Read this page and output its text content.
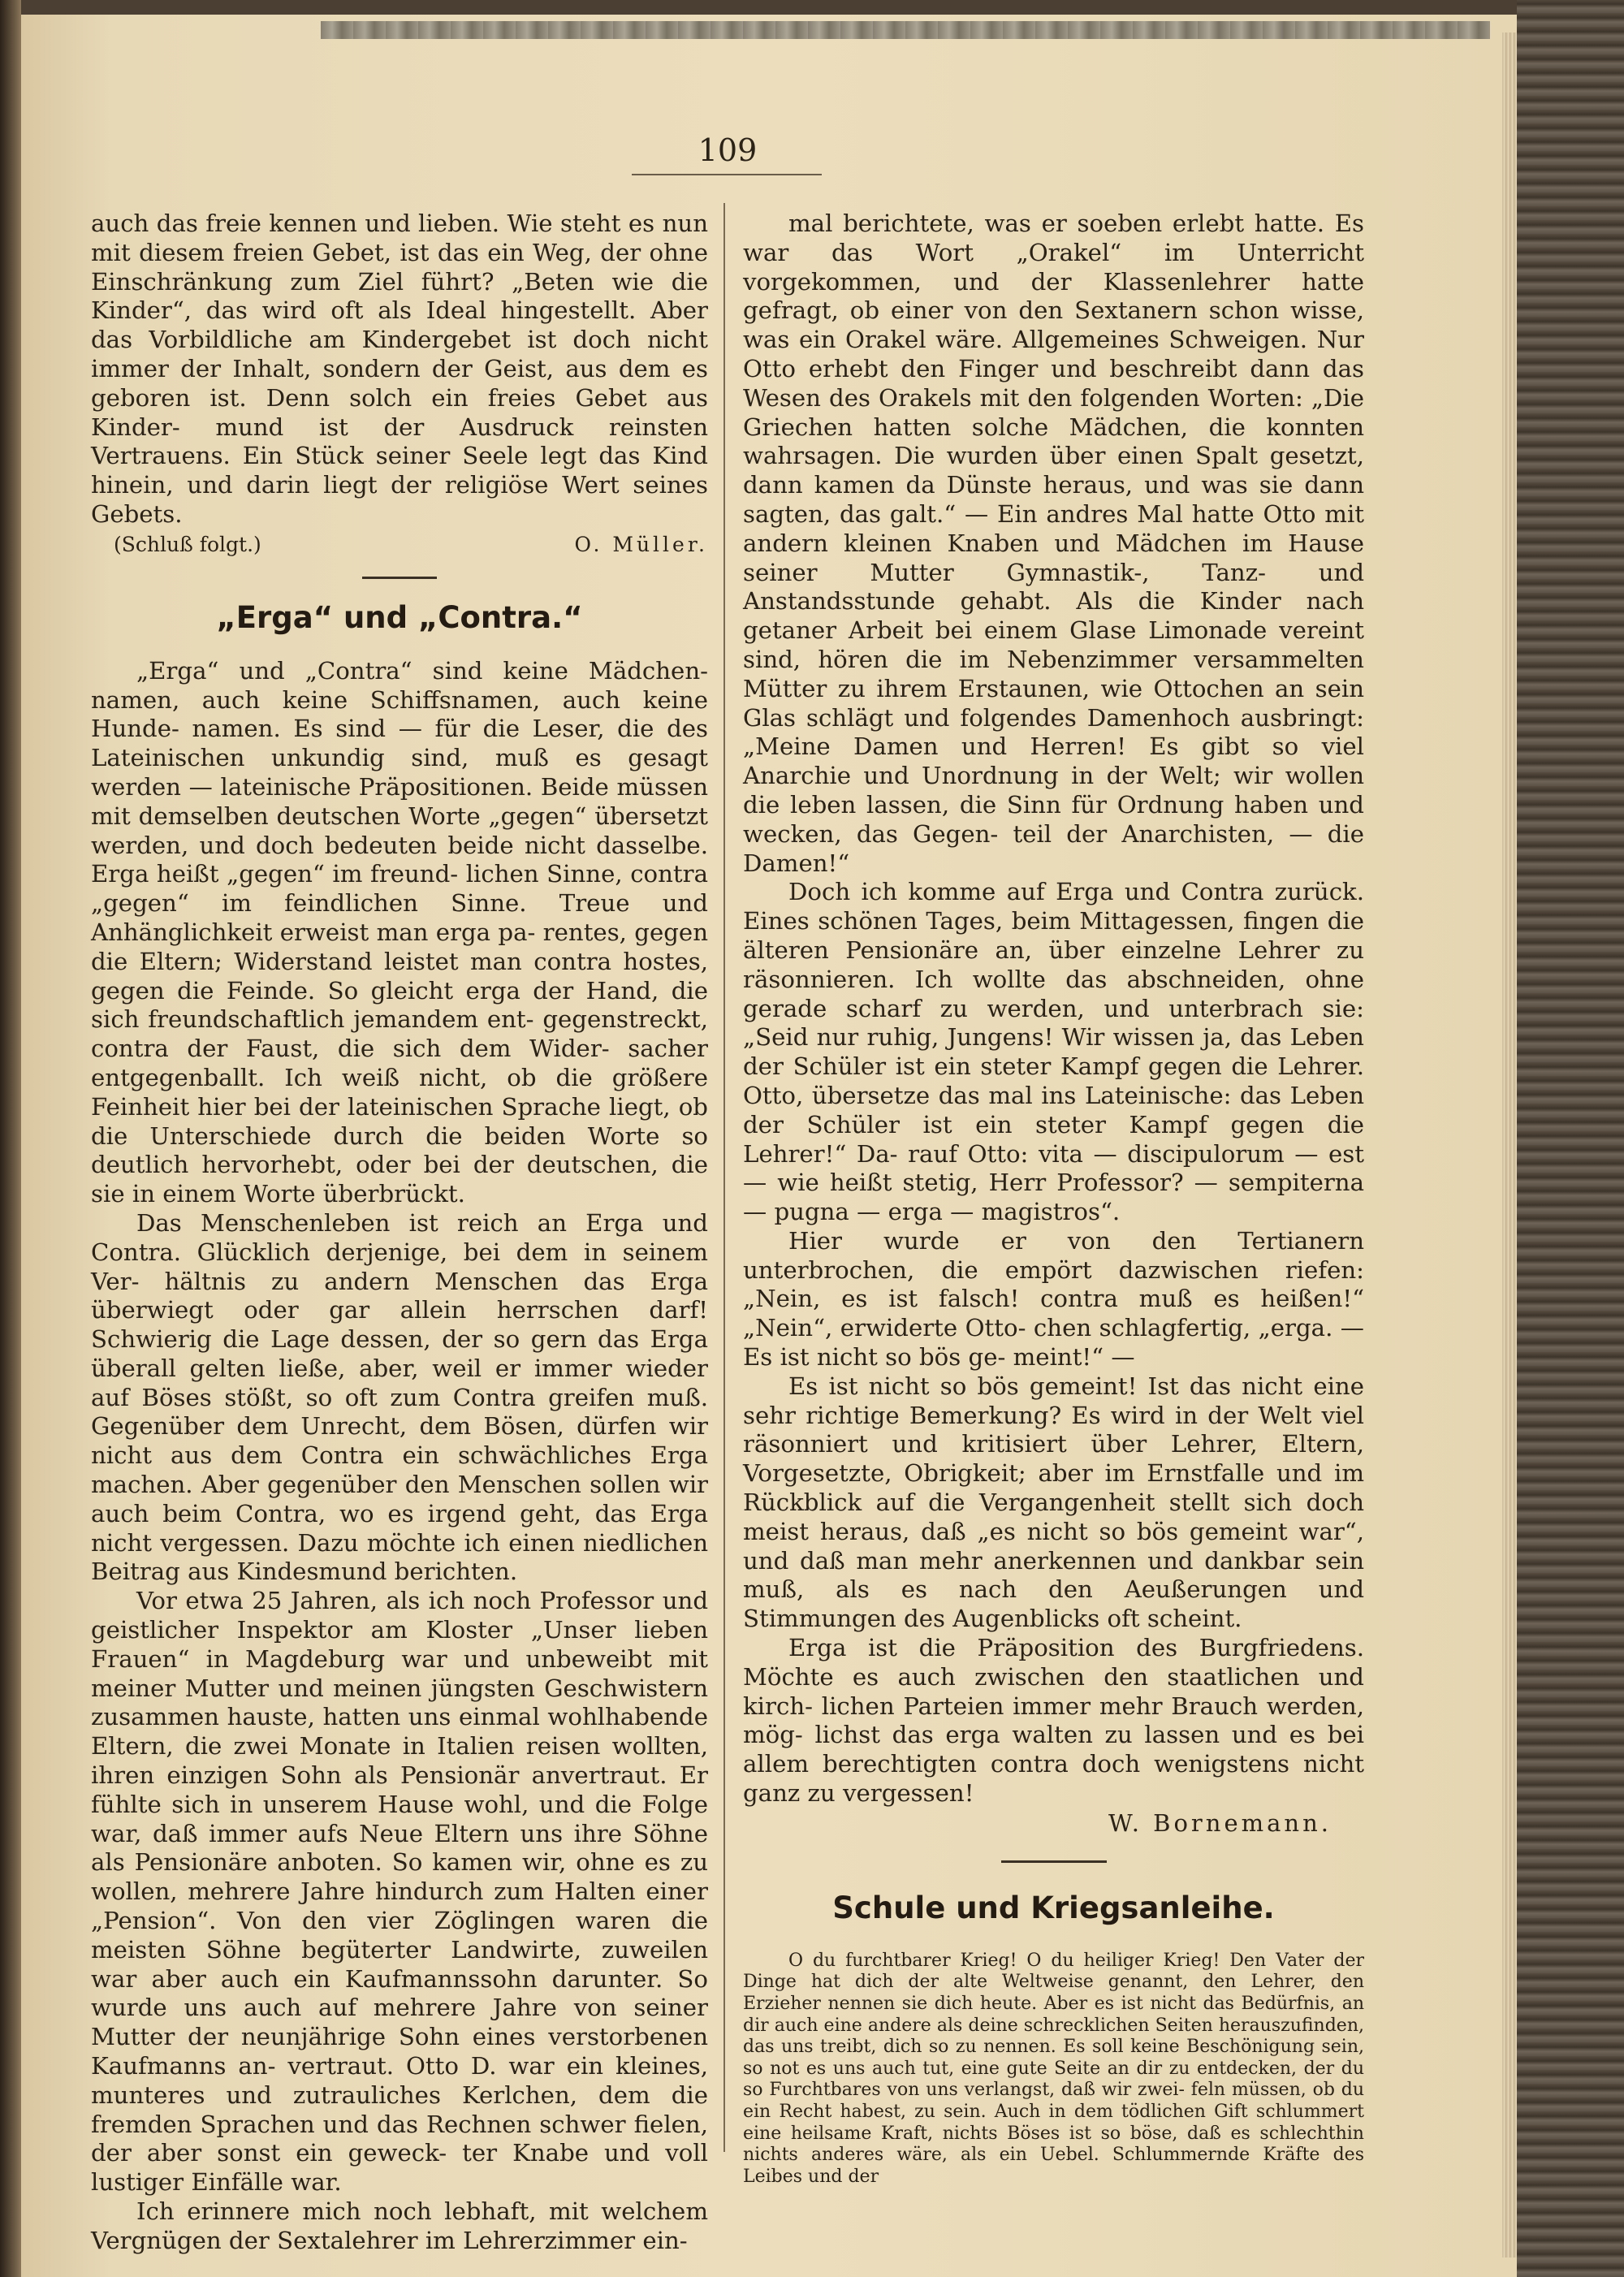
109

auch das freie kennen und lieben. Wie steht es nun mit diesem freien Gebet, ist das ein Weg, der ohne Einschränkung zum Ziel führt? „Beten wie die Kinder“, das wird oft als Ideal hingestellt. Aber das Vorbildliche am Kindergebet ist doch nicht immer der Inhalt, sondern der Geist, aus dem es geboren ist. Denn solch ein freies Gebet aus Kinder- mund ist der Ausdruck reinsten Vertrauens. Ein Stück seiner Seele legt das Kind hinein, und darin liegt der religiöse Wert seines Gebets.

(Schluß folgt.)	O. Müller.
„Erga“ und „Contra.“

„Erga“ und „Contra“ sind keine Mädchen- namen, auch keine Schiffsnamen, auch keine Hunde- namen. Es sind — für die Leser, die des Lateinischen unkundig sind, muß es gesagt werden — lateinische Präpositionen. Beide müssen mit demselben deutschen Worte „gegen“ übersetzt werden, und doch bedeuten beide nicht dasselbe. Erga heißt „gegen“ im freund- lichen Sinne, contra „gegen“ im feindlichen Sinne. Treue und Anhänglichkeit erweist man erga pa- rentes, gegen die Eltern; Widerstand leistet man contra hostes, gegen die Feinde. So gleicht erga der Hand, die sich freundschaftlich jemandem ent- gegenstreckt, contra der Faust, die sich dem Wider- sacher entgegenballt. Ich weiß nicht, ob die größere Feinheit hier bei der lateinischen Sprache liegt, ob die Unterschiede durch die beiden Worte so deutlich hervorhebt, oder bei der deutschen, die sie in einem Worte überbrückt.

Das Menschenleben ist reich an Erga und Contra. Glücklich derjenige, bei dem in seinem Ver- hältnis zu andern Menschen das Erga überwiegt oder gar allein herrschen darf! Schwierig die Lage dessen, der so gern das Erga überall gelten ließe, aber, weil er immer wieder auf Böses stößt, so oft zum Contra greifen muß. Gegenüber dem Unrecht, dem Bösen, dürfen wir nicht aus dem Contra ein schwächliches Erga machen. Aber gegenüber den Menschen sollen wir auch beim Contra, wo es irgend geht, das Erga nicht vergessen. Dazu möchte ich einen niedlichen Beitrag aus Kindesmund berichten.

Vor etwa 25 Jahren, als ich noch Professor und geistlicher Inspektor am Kloster „Unser lieben Frauen“ in Magdeburg war und unbeweibt mit meiner Mutter und meinen jüngsten Geschwistern zusammen hauste, hatten uns einmal wohlhabende Eltern, die zwei Monate in Italien reisen wollten, ihren einzigen Sohn als Pensionär anvertraut. Er fühlte sich in unserem Hause wohl, und die Folge war, daß immer aufs Neue Eltern uns ihre Söhne als Pensionäre anboten. So kamen wir, ohne es zu wollen, mehrere Jahre hindurch zum Halten einer „Pension“. Von den vier Zöglingen waren die meisten Söhne begüterter Landwirte, zuweilen war aber auch ein Kaufmannssohn darunter. So wurde uns auch auf mehrere Jahre von seiner Mutter der neunjährige Sohn eines verstorbenen Kaufmanns an- vertraut. Otto D. war ein kleines, munteres und zutrauliches Kerlchen, dem die fremden Sprachen und das Rechnen schwer fielen, der aber sonst ein geweck- ter Knabe und voll lustiger Einfälle war.

Ich erinnere mich noch lebhaft, mit welchem Vergnügen der Sextalehrer im Lehrerzimmer ein-

mal berichtete, was er soeben erlebt hatte. Es war das Wort „Orakel“ im Unterricht vorgekommen, und der Klassenlehrer hatte gefragt, ob einer von den Sextanern schon wisse, was ein Orakel wäre. Allgemeines Schweigen. Nur Otto erhebt den Finger und beschreibt dann das Wesen des Orakels mit den folgenden Worten: „Die Griechen hatten solche Mädchen, die konnten wahrsagen. Die wurden über einen Spalt gesetzt, dann kamen da Dünste heraus, und was sie dann sagten, das galt.“ — Ein andres Mal hatte Otto mit andern kleinen Knaben und Mädchen im Hause seiner Mutter Gymnastik-, Tanz- und Anstandsstunde gehabt. Als die Kinder nach getaner Arbeit bei einem Glase Limonade vereint sind, hören die im Nebenzimmer versammelten Mütter zu ihrem Erstaunen, wie Ottochen an sein Glas schlägt und folgendes Damenhoch ausbringt: „Meine Damen und Herren! Es gibt so viel Anarchie und Unordnung in der Welt; wir wollen die leben lassen, die Sinn für Ordnung haben und wecken, das Gegen- teil der Anarchisten, — die Damen!“

Doch ich komme auf Erga und Contra zurück. Eines schönen Tages, beim Mittagessen, fingen die älteren Pensionäre an, über einzelne Lehrer zu räsonnieren. Ich wollte das abschneiden, ohne gerade scharf zu werden, und unterbrach sie: „Seid nur ruhig, Jungens! Wir wissen ja, das Leben der Schüler ist ein steter Kampf gegen die Lehrer. Otto, übersetze das mal ins Lateinische: das Leben der Schüler ist ein steter Kampf gegen die Lehrer!“ Da- rauf Otto: vita — discipulorum — est — wie heißt stetig, Herr Professor? — sempiterna — pugna — erga — magistros“.

Hier wurde er von den Tertianern unterbrochen, die empört dazwischen riefen: „Nein, es ist falsch! contra muß es heißen!“ „Nein“, erwiderte Otto- chen schlagfertig, „erga. — Es ist nicht so bös ge- meint!“ —

Es ist nicht so bös gemeint! Ist das nicht eine sehr richtige Bemerkung? Es wird in der Welt viel räsonniert und kritisiert über Lehrer, Eltern, Vorgesetzte, Obrigkeit; aber im Ernstfalle und im Rückblick auf die Vergangenheit stellt sich doch meist heraus, daß „es nicht so bös gemeint war“, und daß man mehr anerkennen und dankbar sein muß, als es nach den Aeußerungen und Stimmungen des Augenblicks oft scheint.

Erga ist die Präposition des Burgfriedens. Möchte es auch zwischen den staatlichen und kirch- lichen Parteien immer mehr Brauch werden, mög- lichst das erga walten zu lassen und es bei allem berechtigten contra doch wenigstens nicht ganz zu vergessen!

W. Bornemann.
Schule und Kriegsanleihe.

O du furchtbarer Krieg! O du heiliger Krieg! Den Vater der Dinge hat dich der alte Weltweise genannt, den Lehrer, den Erzieher nennen sie dich heute. Aber es ist nicht das Bedürfnis, an dir auch eine andere als deine schrecklichen Seiten herauszufinden, das uns treibt, dich so zu nennen. Es soll keine Beschönigung sein, so not es uns auch tut, eine gute Seite an dir zu entdecken, der du so Furchtbares von uns verlangst, daß wir zwei- feln müssen, ob du ein Recht habest, zu sein. Auch in dem tödlichen Gift schlummert eine heilsame Kraft, nichts Böses ist so böse, daß es schlechthin nichts anderes wäre, als ein Uebel. Schlummernde Kräfte des Leibes und der
